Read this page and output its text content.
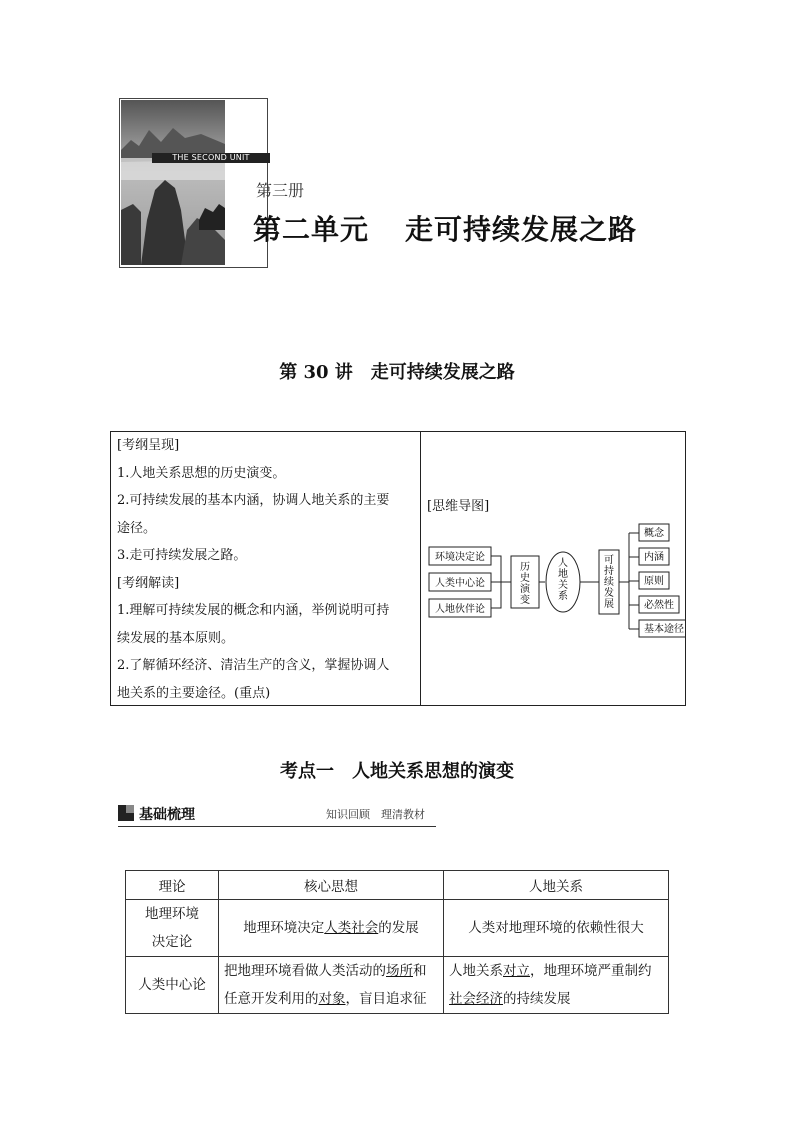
THE SECOND UNIT
第三册
第二单元 走可持续发展之路
第 30 讲　走可持续发展之路
[考纲呈现]
1.人地关系思想的历史演变。
2.可持续发展的基本内涵，协调人地关系的主要
途径。
3.走可持续发展之路。
[考纲解读]
1.理解可持续发展的概念和内涵，举例说明可持
续发展的基本原则。
2.了解循环经济、清洁生产的含义，掌握协调人
地关系的主要途径。(重点)
[思维导图]
环境决定论
人类中心论
人地伙伴论
历史演变
人地关系
可持续发展
概念
内涵
原则
必然性
基本途径
考点一　人地关系思想的演变
基础梳理	知识回顾　理清教材
理论	核心思想	人地关系
地理环境
决定论	地理环境决定人类社会的发展	人类对地理环境的依赖性很大
人类中心论	把地理环境看做人类活动的场所和任意开发利用的对象，盲目追求征	人地关系对立，地理环境严重制约社会经济的持续发展
